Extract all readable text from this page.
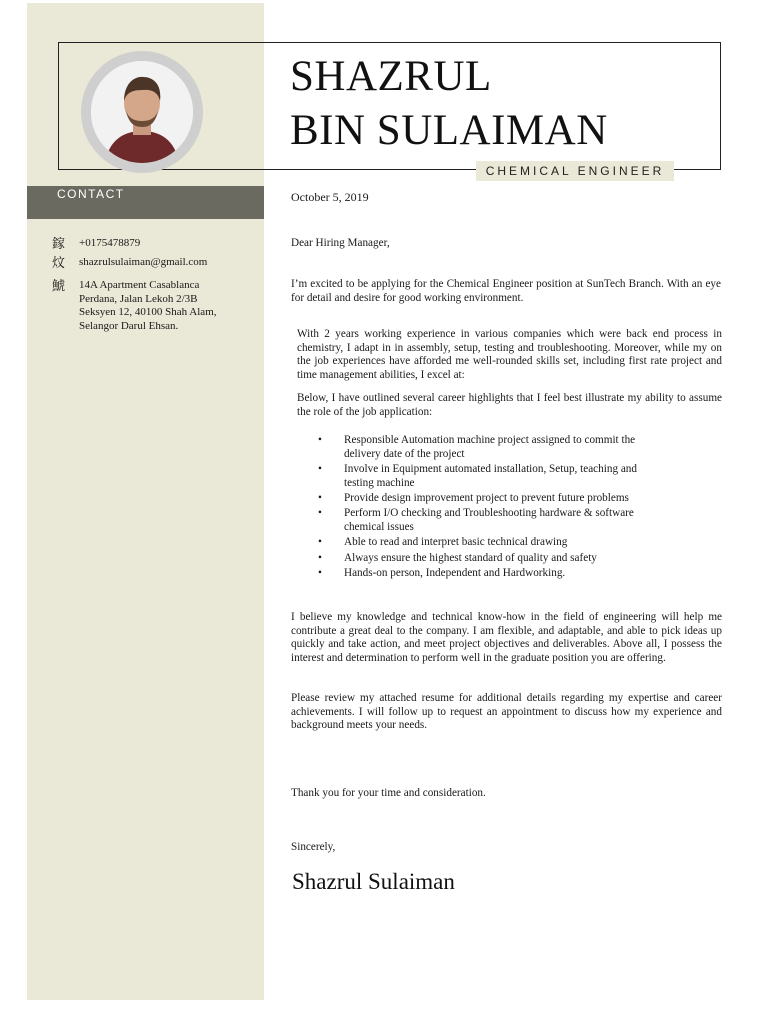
SHAZRUL
BIN SULAIMAN
CHEMICAL ENGINEER
CONTACT
鎵	+0175478879
炆	shazrulsulaiman@gmail.com
鯱	14A Apartment Casablanca
Perdana, Jalan Lekoh 2/3B
Seksyen 12, 40100 Shah Alam,
Selangor Darul Ehsan.
October 5, 2019
Dear Hiring Manager,
I’m excited to be applying for the Chemical Engineer position at SunTech Branch. With an eye for detail and desire for good working environment.
With 2 years working experience in various companies which were back end process in chemistry, I adapt in in assembly, setup, testing and troubleshooting. Moreover, while my on the job experiences have afforded me well-rounded skills set, including first rate project and time management abilities, I excel at:
Below, I have outlined several career highlights that I feel best illustrate my ability to assume the role of the job application:
• Responsible Automation machine project assigned to commit the delivery date of the project
• Involve in Equipment automated installation, Setup, teaching and testing machine
• Provide design improvement project to prevent future problems
• Perform I/O checking and Troubleshooting hardware & software chemical issues
• Able to read and interpret basic technical drawing
• Always ensure the highest standard of quality and safety
• Hands-on person, Independent and Hardworking.
I believe my knowledge and technical know-how in the field of engineering will help me contribute a great deal to the company. I am flexible, and adaptable, and able to pick ideas up quickly and take action, and meet project objectives and deliverables. Above all, I possess the interest and determination to perform well in the graduate position you are offering.
Please review my attached resume for additional details regarding my expertise and career achievements. I will follow up to request an appointment to discuss how my experience and background meets your needs.
Thank you for your time and consideration.
Sincerely,
Shazrul Sulaiman
